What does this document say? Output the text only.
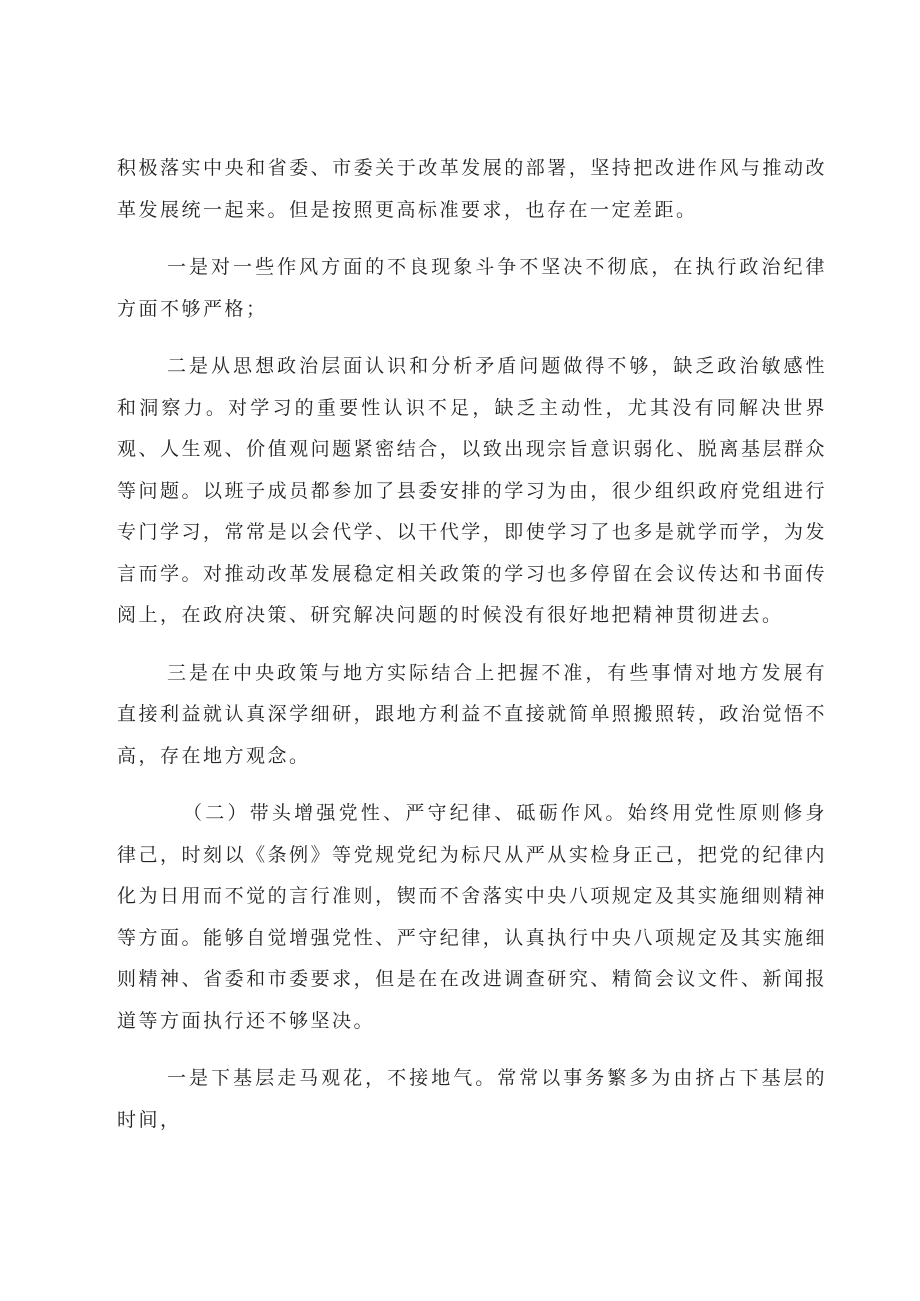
积极落实中央和省委、市委关于改革发展的部署，坚持把改进作风与推动改革发展统一起来。但是按照更高标准要求，也存在一定差距。

一是对一些作风方面的不良现象斗争不坚决不彻底，在执行政治纪律方面不够严格；

二是从思想政治层面认识和分析矛盾问题做得不够，缺乏政治敏感性和洞察力。对学习的重要性认识不足，缺乏主动性，尤其没有同解决世界观、人生观、价值观问题紧密结合，以致出现宗旨意识弱化、脱离基层群众等问题。以班子成员都参加了县委安排的学习为由，很少组织政府党组进行专门学习，常常是以会代学、以干代学，即使学习了也多是就学而学，为发言而学。对推动改革发展稳定相关政策的学习也多停留在会议传达和书面传阅上，在政府决策、研究解决问题的时候没有很好地把精神贯彻进去。

三是在中央政策与地方实际结合上把握不准，有些事情对地方发展有直接利益就认真深学细研，跟地方利益不直接就简单照搬照转，政治觉悟不高，存在地方观念。

（二）带头增强党性、严守纪律、砥砺作风。始终用党性原则修身律己，时刻以《条例》等党规党纪为标尺从严从实检身正己，把党的纪律内化为日用而不觉的言行准则，锲而不舍落实中央八项规定及其实施细则精神等方面。能够自觉增强党性、严守纪律，认真执行中央八项规定及其实施细则精神、省委和市委要求，但是在在改进调查研究、精简会议文件、新闻报道等方面执行还不够坚决。

一是下基层走马观花，不接地气。常常以事务繁多为由挤占下基层的时间，
